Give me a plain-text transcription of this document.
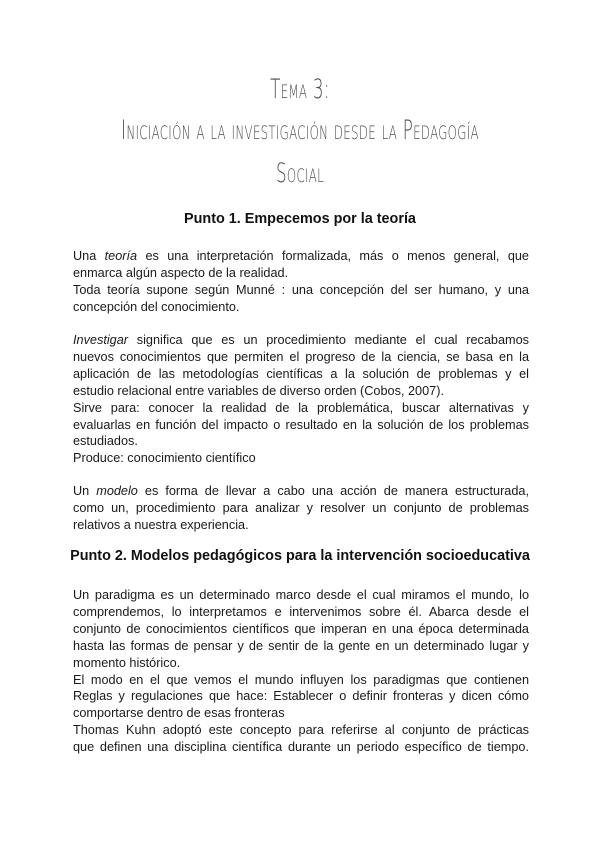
Tema 3:
Iniciación a la investigación desde la Pedagogía
Social
Punto 1. Empecemos por la teoría
Una teoría es una interpretación formalizada, más o menos general, que
enmarca algún aspecto de la realidad.
Toda teoría supone según Munné : una concepción del ser humano, y una
concepción del conocimiento.
Investigar significa que es un procedimiento mediante el cual recabamos
nuevos conocimientos que permiten el progreso de la ciencia, se basa en la
aplicación de las metodologías científicas a la solución de problemas y el
estudio relacional entre variables de diverso orden (Cobos, 2007).
Sirve para: conocer la realidad de la problemática, buscar alternativas y
evaluarlas en función del impacto o resultado en la solución de los problemas
estudiados.
Produce: conocimiento científico
Un modelo es forma de llevar a cabo una acción de manera estructurada,
como un, procedimiento para analizar y resolver un conjunto de problemas
relativos a nuestra experiencia.
Punto 2. Modelos pedagógicos para la intervención socioeducativa
Un paradigma es un determinado marco desde el cual miramos el mundo, lo
comprendemos, lo interpretamos e intervenimos sobre él. Abarca desde el
conjunto de conocimientos científicos que imperan en una época determinada
hasta las formas de pensar y de sentir de la gente en un determinado lugar y
momento histórico.
El modo en el que vemos el mundo influyen los paradigmas que contienen
Reglas y regulaciones que hace: Establecer o definir fronteras y dicen cómo
comportarse dentro de esas fronteras
Thomas Kuhn adoptó este concepto para referirse al conjunto de prácticas
que definen una disciplina científica durante un periodo específico de tiempo.
